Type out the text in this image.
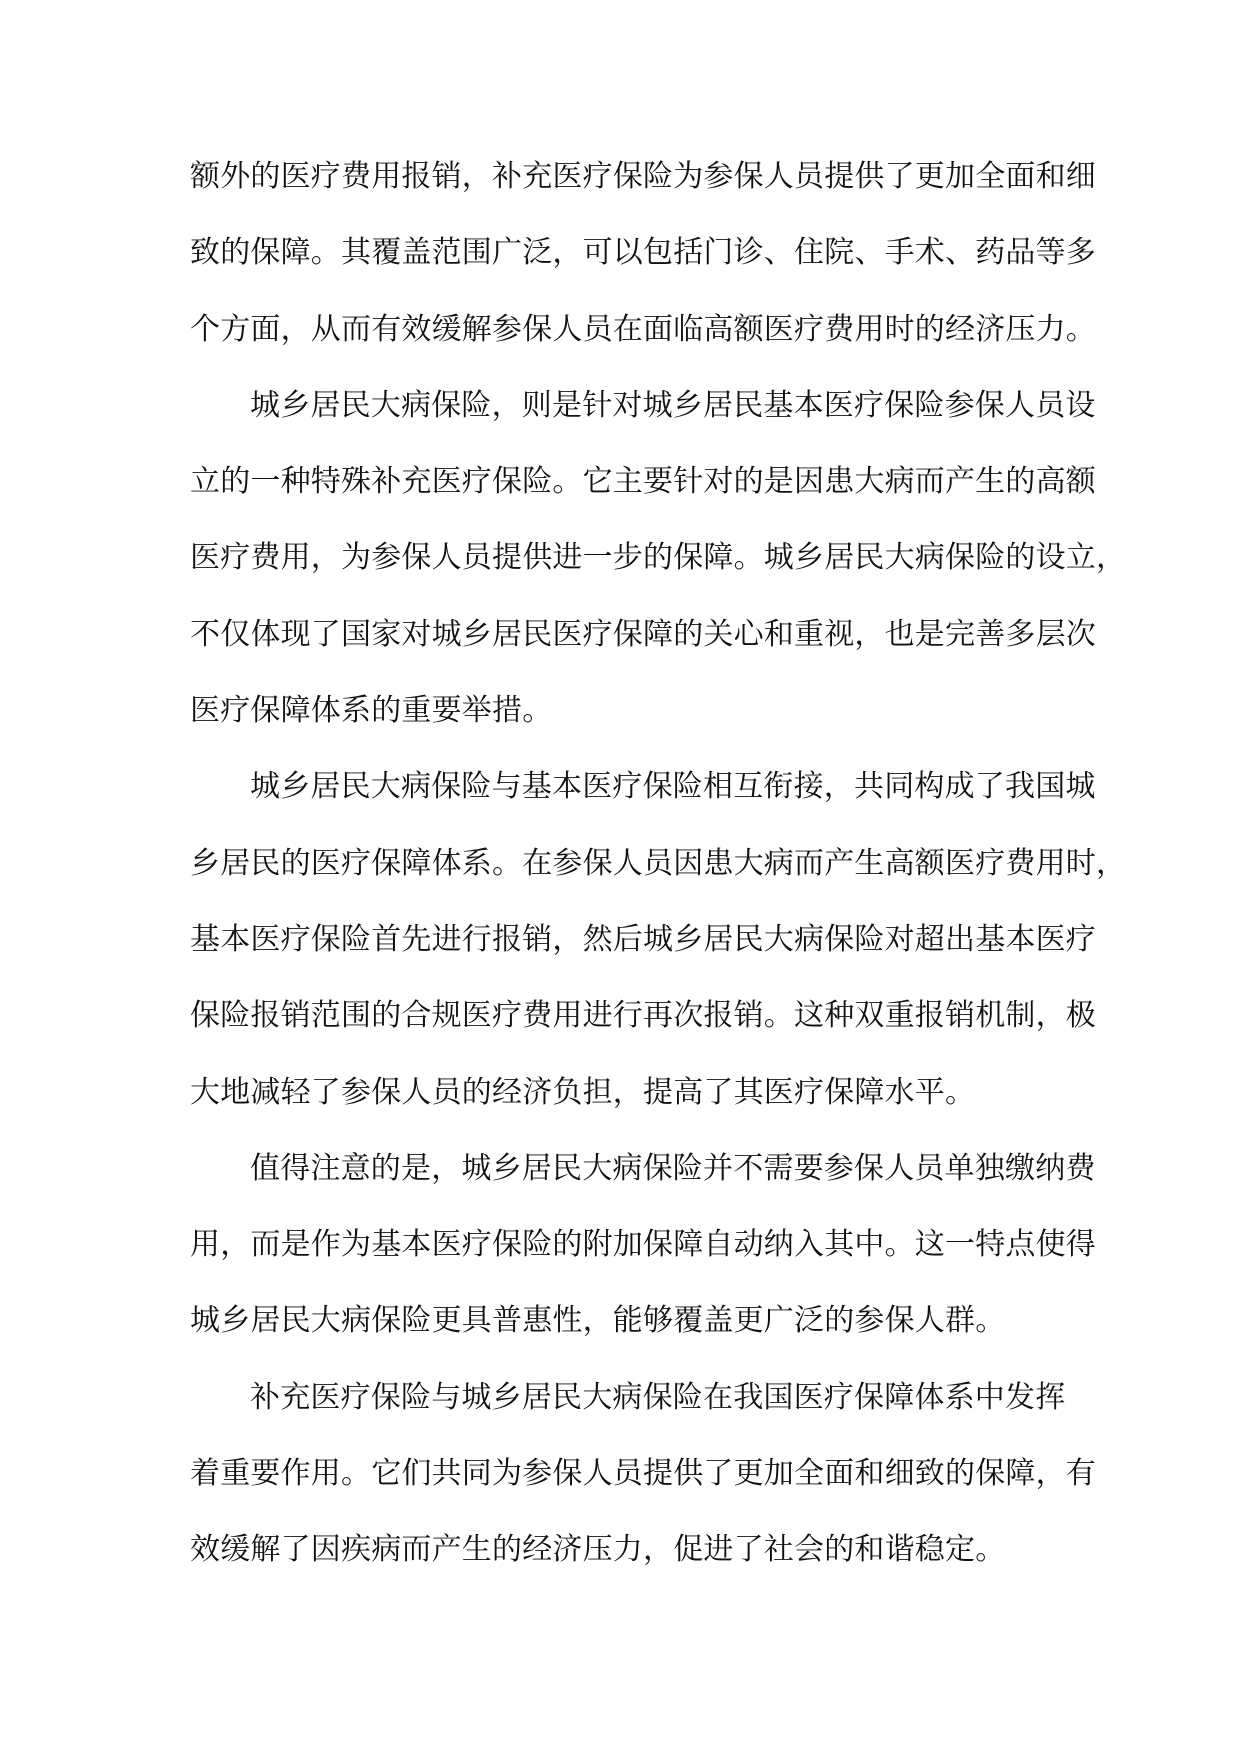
额外的医疗费用报销，补充医疗保险为参保人员提供了更加全面和细
致的保障。其覆盖范围广泛，可以包括门诊、住院、手术、药品等多
个方面，从而有效缓解参保人员在面临高额医疗费用时的经济压力。
城乡居民大病保险，则是针对城乡居民基本医疗保险参保人员设
立的一种特殊补充医疗保险。它主要针对的是因患大病而产生的高额
医疗费用，为参保人员提供进一步的保障。城乡居民大病保险的设立，
不仅体现了国家对城乡居民医疗保障的关心和重视，也是完善多层次
医疗保障体系的重要举措。
城乡居民大病保险与基本医疗保险相互衔接，共同构成了我国城
乡居民的医疗保障体系。在参保人员因患大病而产生高额医疗费用时，
基本医疗保险首先进行报销，然后城乡居民大病保险对超出基本医疗
保险报销范围的合规医疗费用进行再次报销。这种双重报销机制，极
大地减轻了参保人员的经济负担，提高了其医疗保障水平。
值得注意的是，城乡居民大病保险并不需要参保人员单独缴纳费
用，而是作为基本医疗保险的附加保障自动纳入其中。这一特点使得
城乡居民大病保险更具普惠性，能够覆盖更广泛的参保人群。
补充医疗保险与城乡居民大病保险在我国医疗保障体系中发挥
着重要作用。它们共同为参保人员提供了更加全面和细致的保障，有
效缓解了因疾病而产生的经济压力，促进了社会的和谐稳定。
